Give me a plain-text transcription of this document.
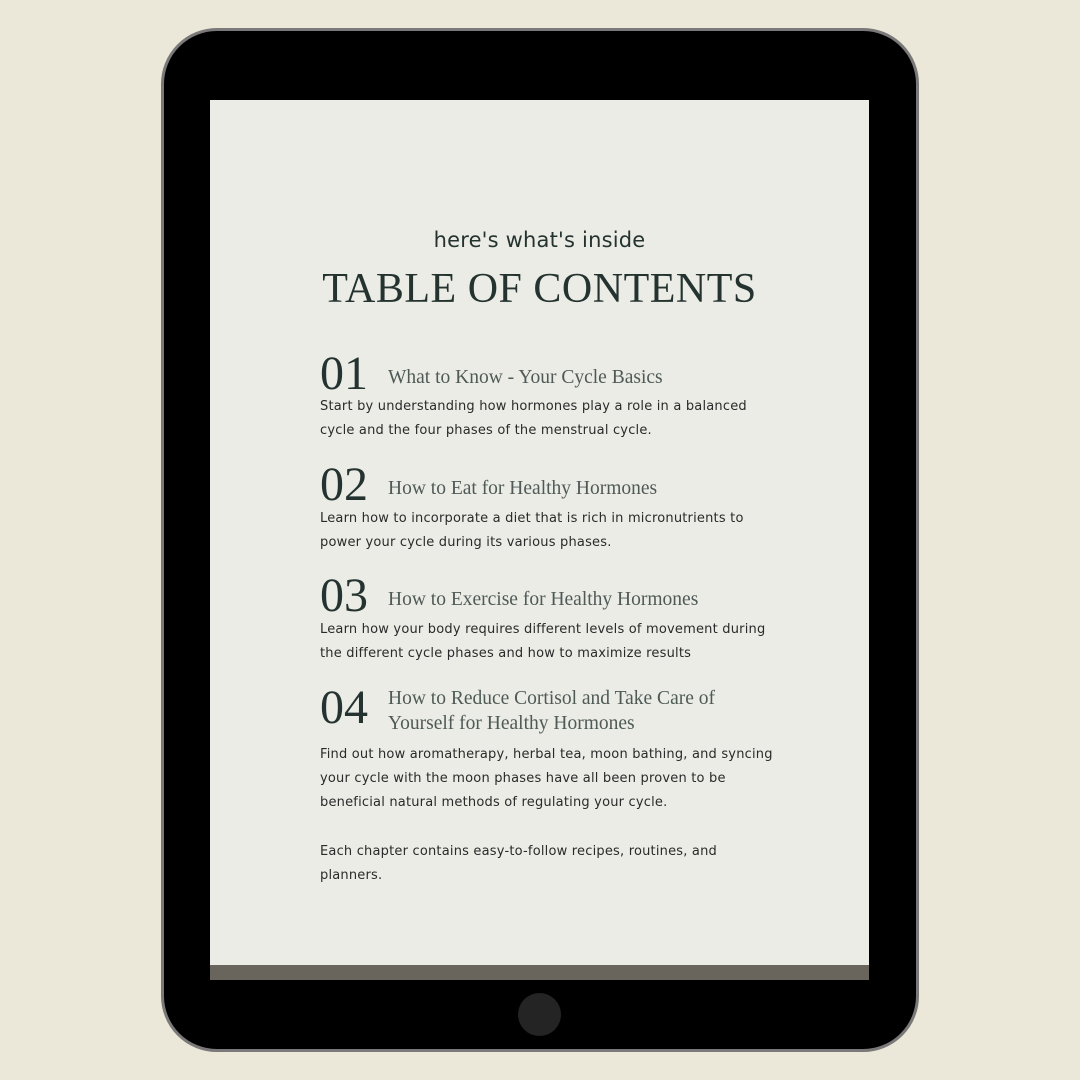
here's what's inside
TABLE OF CONTENTS
01 What to Know - Your Cycle Basics
Start by understanding how hormones play a role in a balanced cycle and the four phases of the menstrual cycle.
02 How to Eat for Healthy Hormones
Learn how to incorporate a diet that is rich in micronutrients to power your cycle during its various phases.
03 How to Exercise for Healthy Hormones
Learn how your body requires different levels of movement during the different cycle phases and how to maximize results
04 How to Reduce Cortisol and Take Care of Yourself for Healthy Hormones
Find out how aromatherapy, herbal tea, moon bathing, and syncing your cycle with the moon phases have all been proven to be beneficial natural methods of regulating your cycle.
Each chapter contains easy-to-follow recipes, routines, and planners.
